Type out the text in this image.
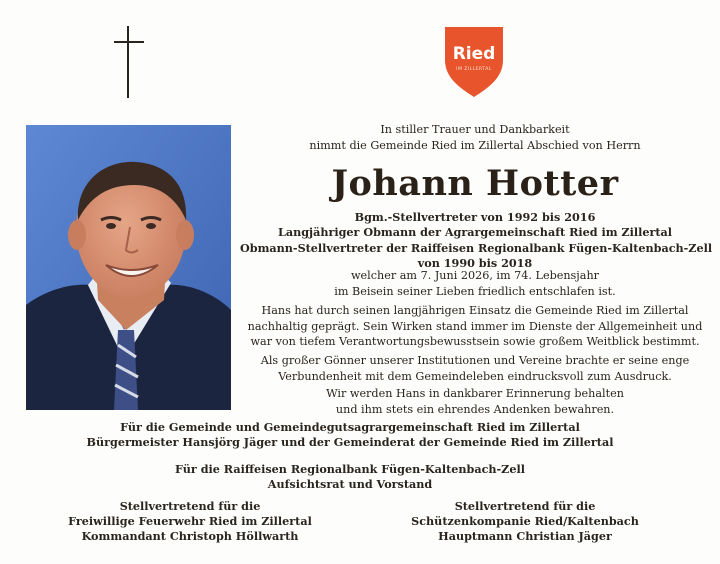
Ried
IM ZILLERTAL
In stiller Trauer und Dankbarkeit
nimmt die Gemeinde Ried im Zillertal Abschied von Herrn
Johann Hotter
Bgm.-Stellvertreter von 1992 bis 2016
Langjähriger Obmann der Agrargemeinschaft Ried im Zillertal
Obmann-Stellvertreter der Raiffeisen Regionalbank Fügen-Kaltenbach-Zell
von 1990 bis 2018
welcher am 7. Juni 2026, im 74. Lebensjahr
im Beisein seiner Lieben friedlich entschlafen ist.
Hans hat durch seinen langjährigen Einsatz die Gemeinde Ried im Zillertal
nachhaltig geprägt. Sein Wirken stand immer im Dienste der Allgemeinheit und
war von tiefem Verantwortungsbewusstsein sowie großem Weitblick bestimmt.
Als großer Gönner unserer Institutionen und Vereine brachte er seine enge
Verbundenheit mit dem Gemeindeleben eindrucksvoll zum Ausdruck.
Wir werden Hans in dankbarer Erinnerung behalten
und ihm stets ein ehrendes Andenken bewahren.
Für die Gemeinde und Gemeindegutsagrargemeinschaft Ried im Zillertal
Bürgermeister Hansjörg Jäger und der Gemeinderat der Gemeinde Ried im Zillertal
Für die Raiffeisen Regionalbank Fügen-Kaltenbach-Zell
Aufsichtsrat und Vorstand
Stellvertretend für die
Freiwillige Feuerwehr Ried im Zillertal
Kommandant Christoph Höllwarth
Stellvertretend für die
Schützenkompanie Ried/Kaltenbach
Hauptmann Christian Jäger
